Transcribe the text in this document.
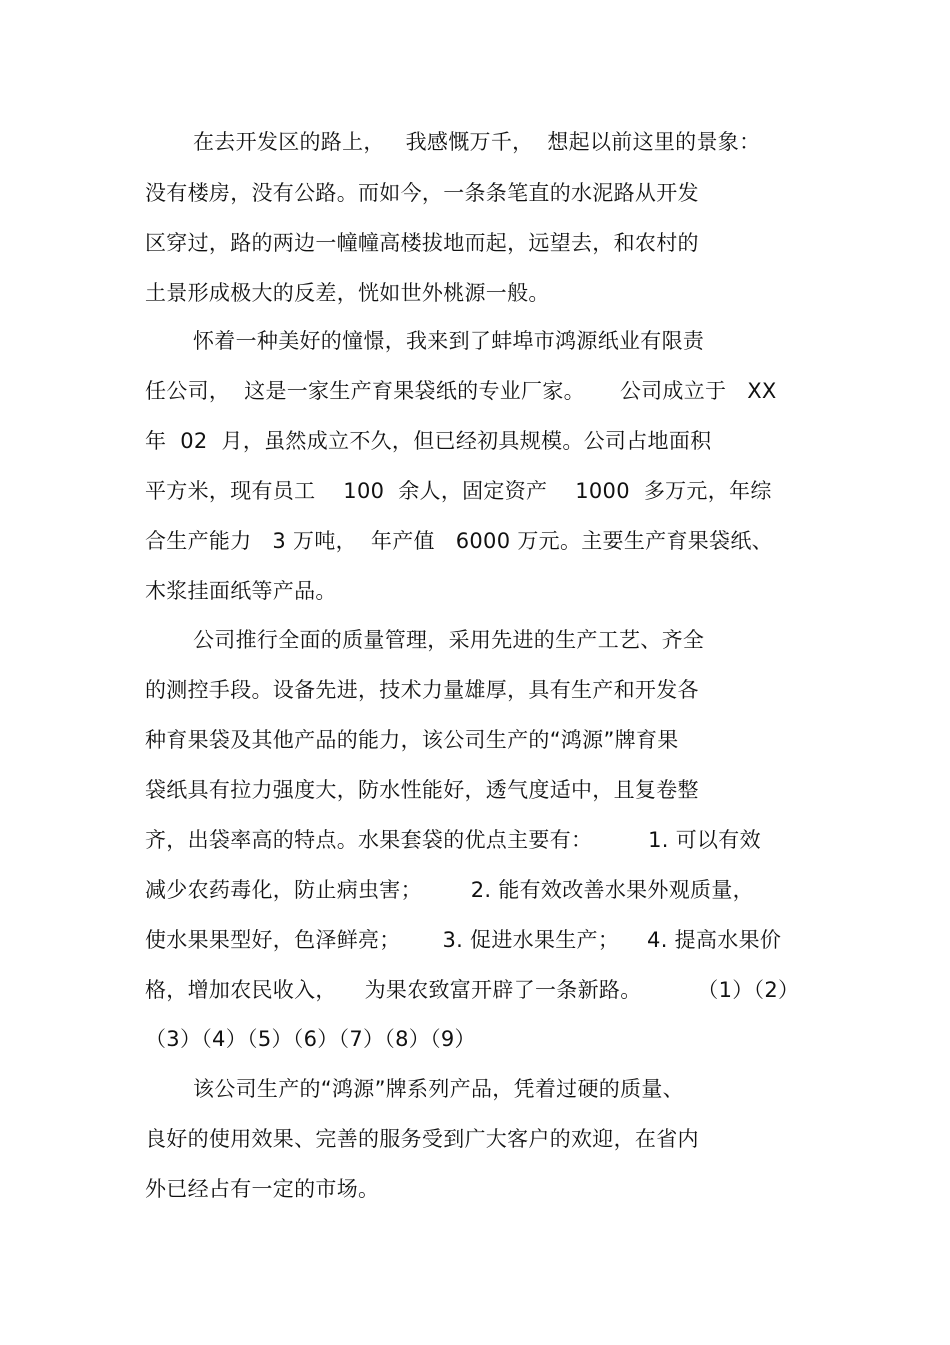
在去开发区的路上，   我感慨万千，  想起以前这里的景象：
没有楼房，没有公路。而如今，一条条笔直的水泥路从开发
区穿过，路的两边一幢幢高楼拔地而起，远望去，和农村的
土景形成极大的反差，恍如世外桃源一般。
怀着一种美好的憧憬，我来到了蚌埠市鸿源纸业有限责
任公司，  这是一家生产育果袋纸的专业厂家。     公司成立于   XX
年  02  月，虽然成立不久，但已经初具规模。公司占地面积
平方米，现有员工    100  余人，固定资产    1000  多万元，年综
合生产能力   3 万吨，  年产值   6000 万元。主要生产育果袋纸、
木浆挂面纸等产品。
公司推行全面的质量管理，采用先进的生产工艺、齐全
的测控手段。设备先进，技术力量雄厚，具有生产和开发各
种育果袋及其他产品的能力，该公司生产的“鸿源”牌育果
袋纸具有拉力强度大，防水性能好，透气度适中，且复卷整
齐，出袋率高的特点。水果套袋的优点主要有：        1. 可以有效
减少农药毒化，防止病虫害；       2. 能有效改善水果外观质量，
使水果果型好，色泽鲜亮；      3. 促进水果生产；    4. 提高水果价
格，增加农民收入，    为果农致富开辟了一条新路。        （1）（2）
（3）（4）（5）（6）（7）（8）（9）
该公司生产的“鸿源”牌系列产品，凭着过硬的质量、
良好的使用效果、完善的服务受到广大客户的欢迎，在省内
外已经占有一定的市场。
